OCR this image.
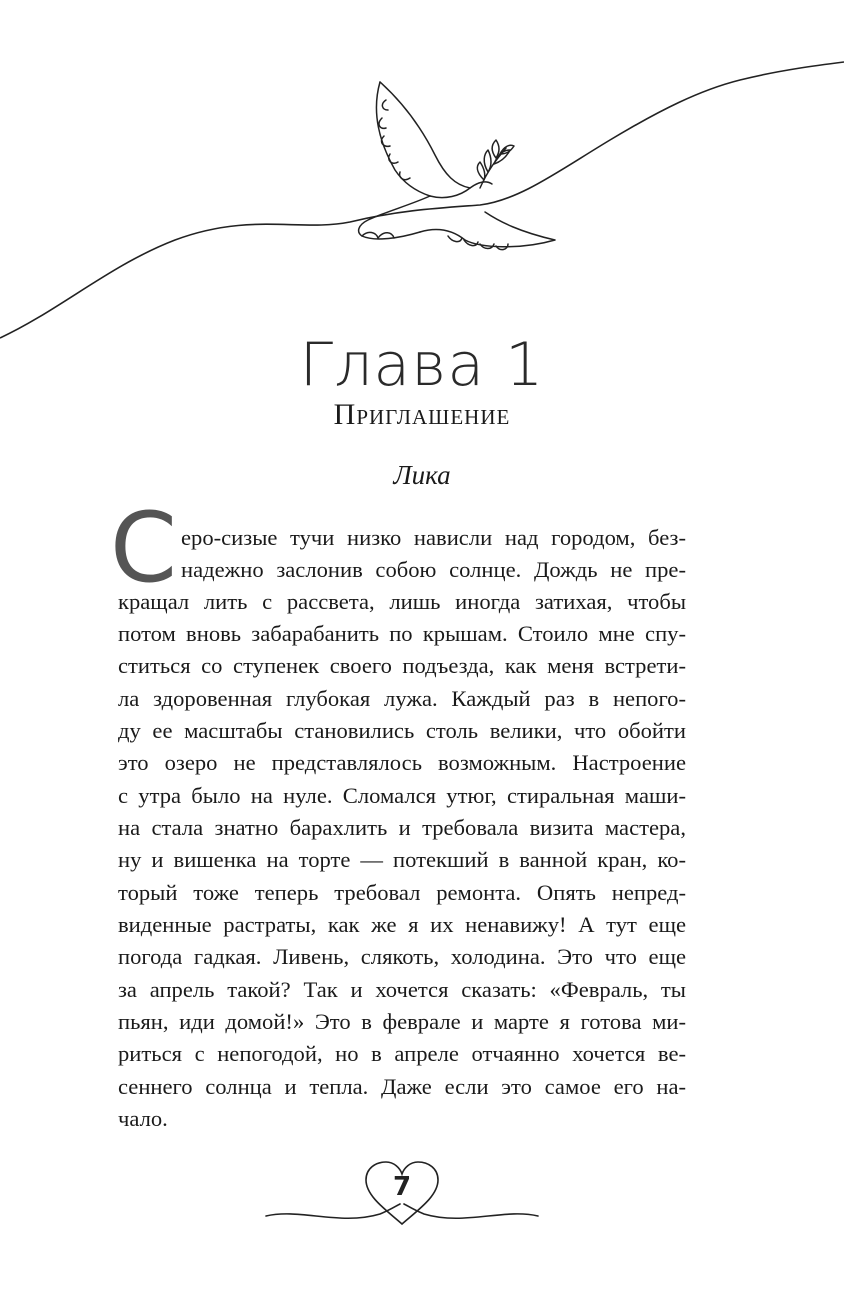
Глава 1
Приглашение
Лика
С еро-сизые тучи низко нависли над городом, без-
надежно заслонив собою солнце. Дождь не пре-
кращал лить с рассвета, лишь иногда затихая, чтобы
потом вновь забарабанить по крышам. Стоило мне спу-
ститься со ступенек своего подъезда, как меня встрети-
ла здоровенная глубокая лужа. Каждый раз в непого-
ду ее масштабы становились столь велики, что обойти
это озеро не представлялось возможным. Настроение
с утра было на нуле. Сломался утюг, стиральная маши-
на стала знатно барахлить и требовала визита мастера,
ну и вишенка на торте — потекший в ванной кран, ко-
торый тоже теперь требовал ремонта. Опять непред-
виденные растраты, как же я их ненавижу! А тут еще
погода гадкая. Ливень, слякоть, холодина. Это что еще
за апрель такой? Так и хочется сказать: «Февраль, ты
пьян, иди домой!» Это в феврале и марте я готова ми-
риться с непогодой, но в апреле отчаянно хочется ве-
сеннего солнца и тепла. Даже если это самое его на-
чало.
7
